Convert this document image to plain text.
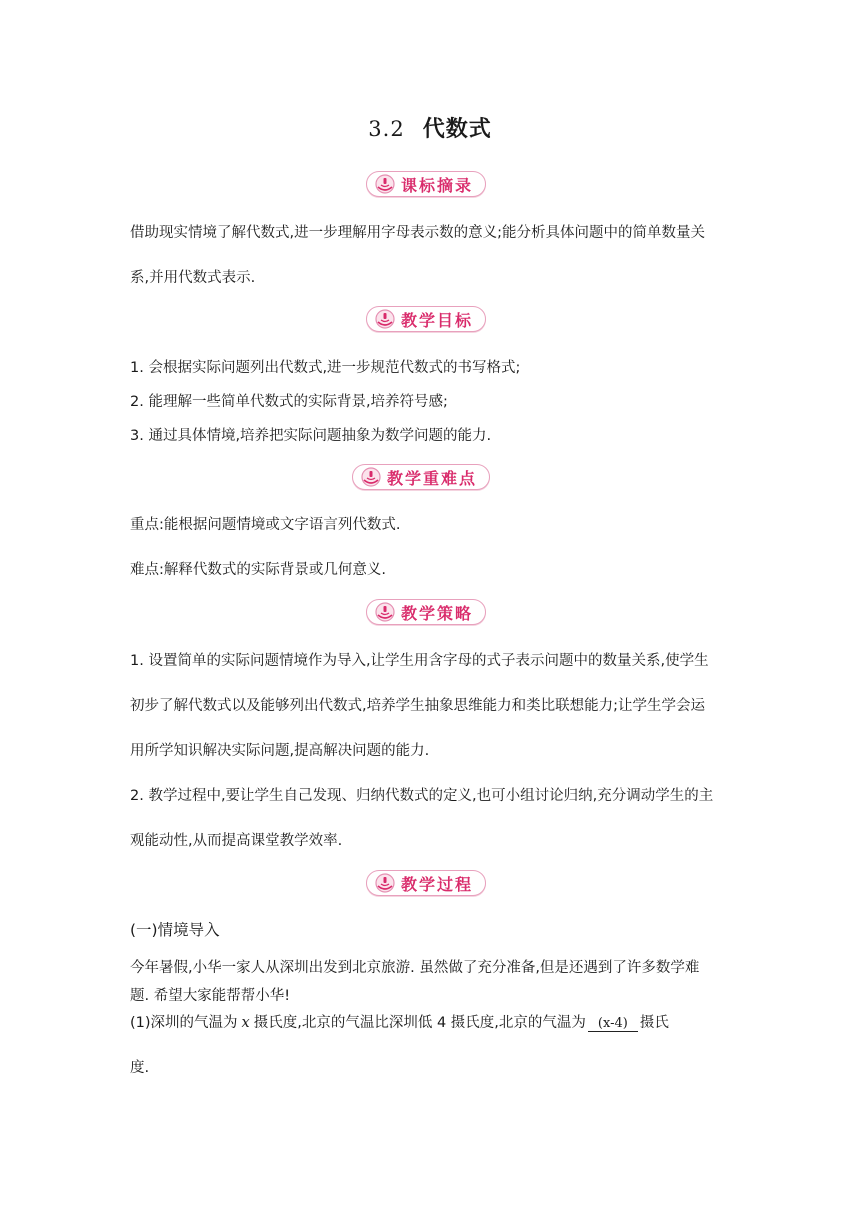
3.2 代数式
课标摘录
借助现实情境了解代数式,进一步理解用字母表示数的意义;能分析具体问题中的简单数量关
系,并用代数式表示.
教学目标
1. 会根据实际问题列出代数式,进一步规范代数式的书写格式;
2. 能理解一些简单代数式的实际背景,培养符号感;
3. 通过具体情境,培养把实际问题抽象为数学问题的能力.
教学重难点
重点:能根据问题情境或文字语言列代数式.
难点:解释代数式的实际背景或几何意义.
教学策略
1. 设置简单的实际问题情境作为导入,让学生用含字母的式子表示问题中的数量关系,使学生
初步了解代数式以及能够列出代数式,培养学生抽象思维能力和类比联想能力;让学生学会运
用所学知识解决实际问题,提高解决问题的能力.
2. 教学过程中,要让学生自己发现、归纳代数式的定义,也可小组讨论归纳,充分调动学生的主
观能动性,从而提高课堂教学效率.
教学过程
(一)情境导入
今年暑假,小华一家人从深圳出发到北京旅游. 虽然做了充分准备,但是还遇到了许多数学难
题. 希望大家能帮帮小华!
(1)深圳的气温为 x 摄氏度,北京的气温比深圳低 4 摄氏度,北京的气温为 (x-4) 摄氏
度.
